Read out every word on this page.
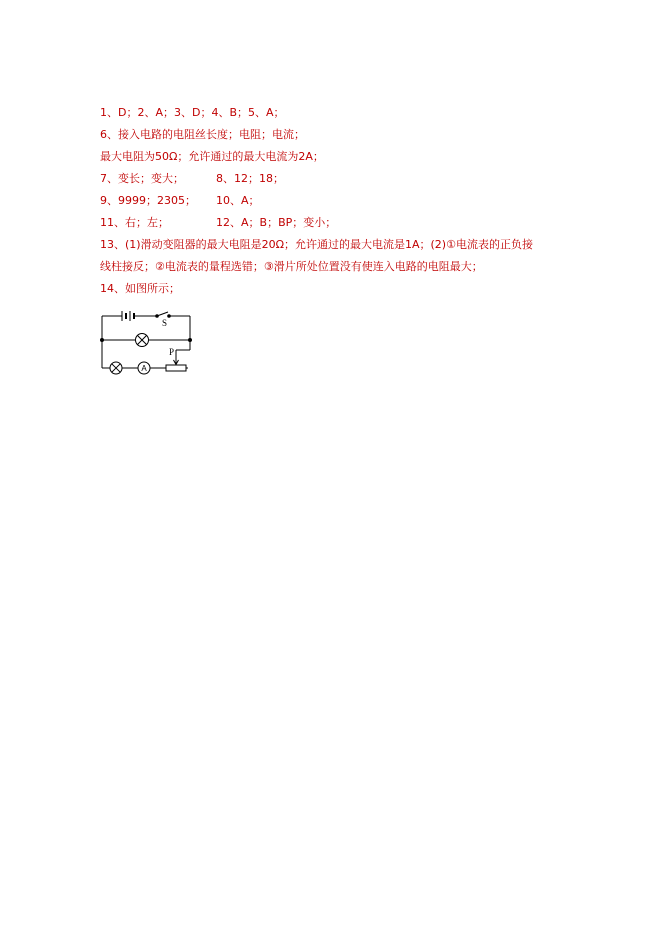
1、D；2、A；3、D；4、B；5、A；
6、接入电路的电阻丝长度；电阻；电流；
最大电阻为50Ω；允许通过的最大电流为2A；
7、变长；变大；	8、12；18；
9、9999；2305； 10、A；
11、右；左；	12、A；B；BP；变小；
13、(1)滑动变阻器的最大电阻是20Ω；允许通过的最大电流是1A；(2)①电流表的正负接
线柱接反；②电流表的量程选错；③滑片所处位置没有使连入电路的电阻最大；
14、如图所示；
S
P
A
